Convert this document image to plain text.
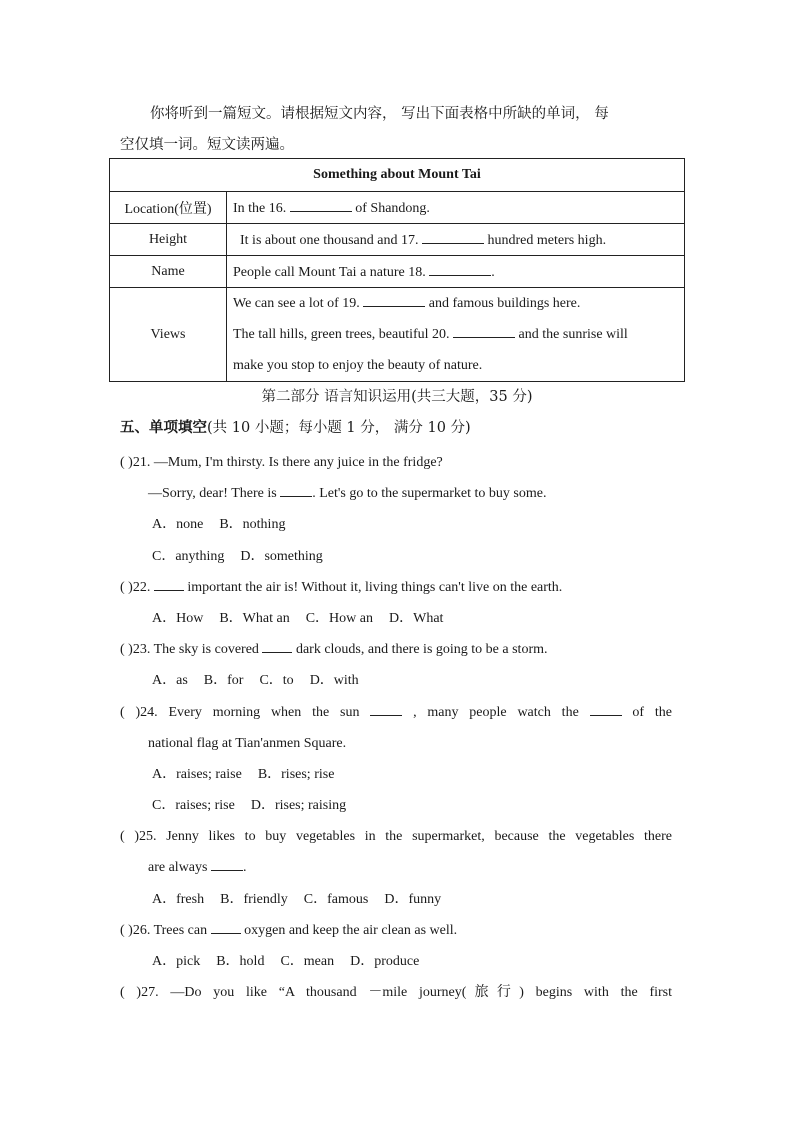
你将听到一篇短文。请根据短文内容， 写出下面表格中所缺的单词， 每
空仅填一词。短文读两遍。
Something about Mount Tai	
Location(位置)	In the 16. of Shandong.
Height	It is about one thousand and 17. hundred meters high.
Name	People call Mount Tai a nature 18. .
Views	We can see a lot of 19. and famous buildings here.
The tall hills, green trees, beautiful 20. and the sunrise will
make you stop to enjoy the beauty of nature.
第二部分 语言知识运用(共三大题，35 分)
五、单项填空(共 10 小题；每小题 1 分， 满分 10 分)
( )21. —Mum, I'm thirsty. Is there any juice in the fridge?
—Sorry, dear! There is . Let's go to the supermarket to buy some.
A．none B．nothing
C．anything D．something
( )22.  important the air is! Without it, living things can't live on the earth.
A．How B．What an C．How an D．What
( )23. The sky is covered  dark clouds, and there is going to be a storm.
A．as B．for C．to D．with
( )24. Every morning when the sun  , many people watch the  of the
national flag at Tian'anmen Square.
A．raises; raise B．rises; rise
C．raises; rise D．rises; raising
( )25. Jenny likes to buy vegetables in the supermarket, because the vegetables there
are always .
A．fresh B．friendly C．famous D．funny
( )26. Trees can  oxygen and keep the air clean as well.
A．pick B．hold C．mean D．produce
( )27. —Do you like “A thousand －mile journey(旅行) begins with the first
